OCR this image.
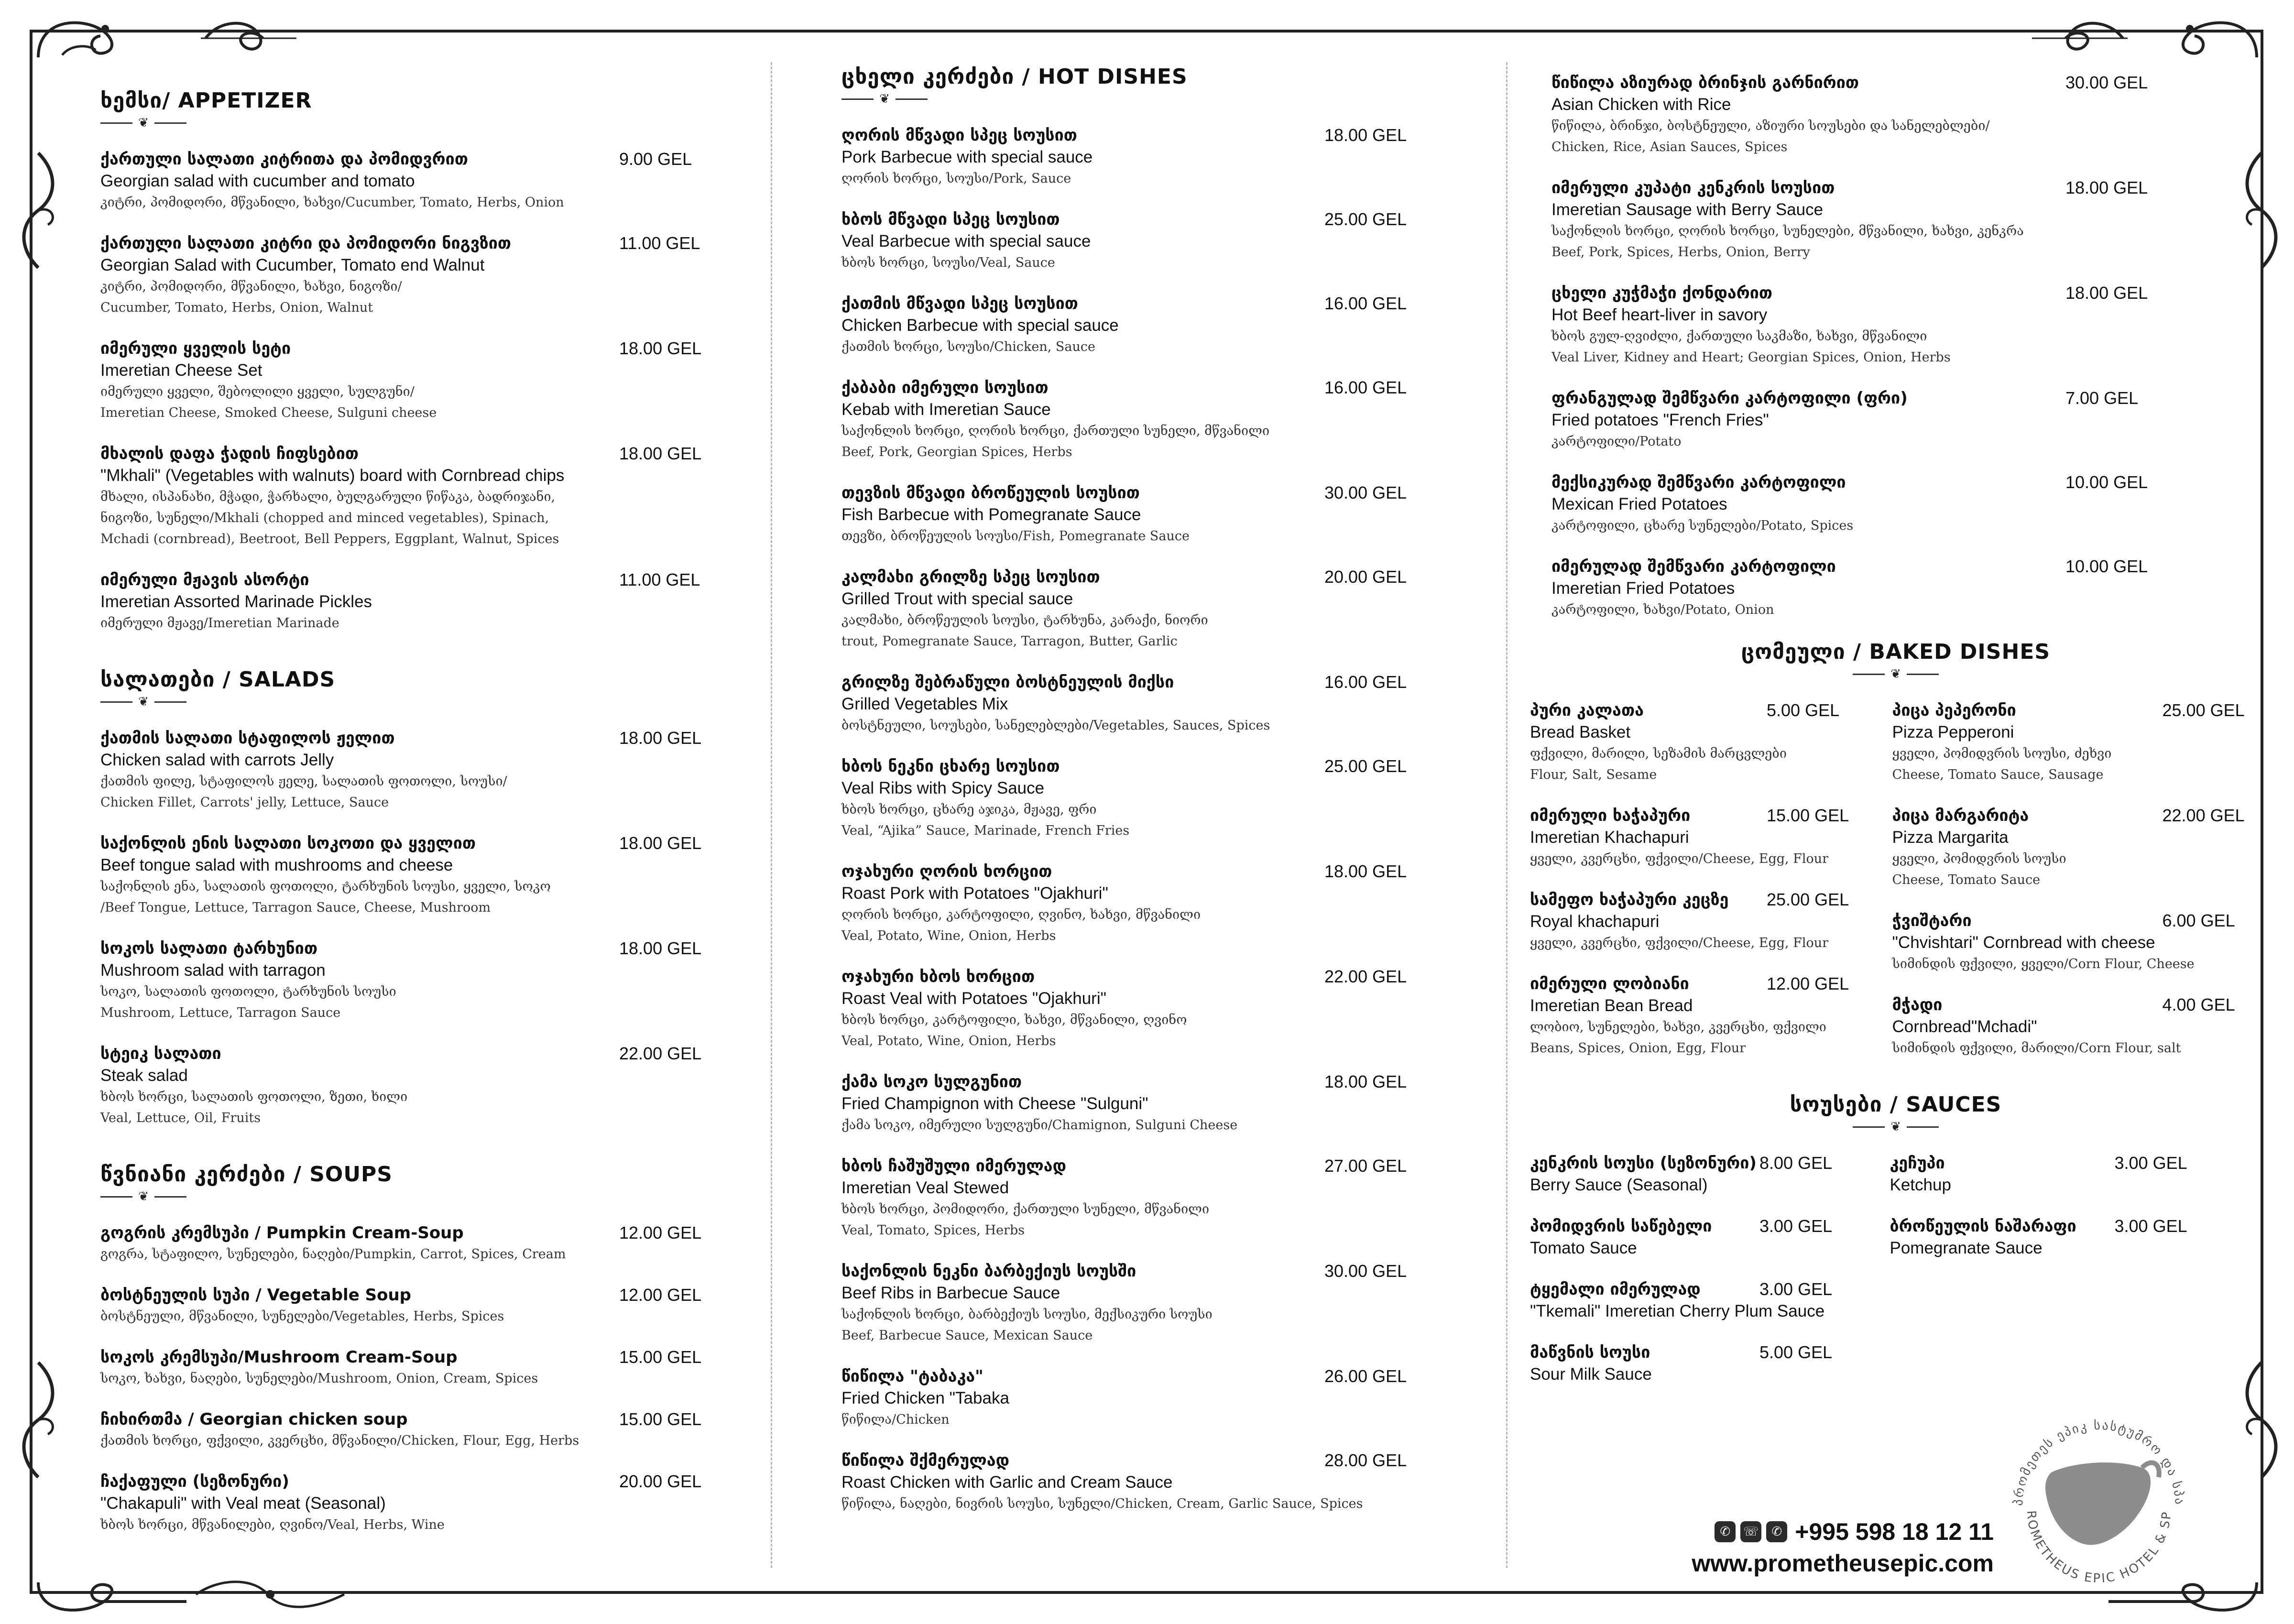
ხემსი/ APPETIZER
❦
ქართული სალათი კიტრითა და პომიდვრით
Georgian salad with cucumber and tomato
კიტრი, პომიდორი, მწვანილი, ხახვი/Cucumber, Tomato, Herbs, Onion
9.00 GEL
ქართული სალათი კიტრი და პომიდორი ნიგვზით
Georgian Salad with Cucumber, Tomato end Walnut
კიტრი, პომიდორი, მწვანილი, ხახვი, ნიგოზი/
Cucumber, Tomato, Herbs, Onion, Walnut
11.00 GEL
იმერული ყველის სეტი
Imeretian Cheese Set
იმერული ყველი, შებოლილი ყველი, სულგუნი/
Imeretian Cheese, Smoked Cheese, Sulguni cheese
18.00 GEL
მხალის დაფა ჭადის ჩიფსებით
"Mkhali" (Vegetables with walnuts) board with Cornbread chips
მხალი, ისპანახი, მჭადი, ჭარხალი, ბულგარული წიწაკა, ბადრიჯანი,
ნიგოზი, სუნელი/Mkhali (chopped and minced vegetables), Spinach,
Mchadi (cornbread), Beetroot, Bell Peppers, Eggplant, Walnut, Spices
18.00 GEL
იმერული მჟავის ასორტი
Imeretian Assorted Marinade Pickles
იმერული მჟავე/Imeretian Marinade
11.00 GEL
სალათები / SALADS
❦
ქათმის სალათი სტაფილოს ჟელით
Chicken salad with carrots Jelly
ქათმის ფილე, სტაფილოს ჟელე, სალათის ფოთოლი, სოუსი/
Chicken Fillet, Carrots' jelly, Lettuce, Sauce
18.00 GEL
საქონლის ენის სალათი სოკოთი და ყველით
Beef tongue salad with mushrooms and cheese
საქონლის ენა, სალათის ფოთოლი, ტარხუნის სოუსი, ყველი, სოკო
/Beef Tongue, Lettuce, Tarragon Sauce, Cheese, Mushroom
18.00 GEL
სოკოს სალათი ტარხუნით
Mushroom salad with tarragon
სოკო, სალათის ფოთოლი, ტარხუნის სოუსი
Mushroom, Lettuce, Tarragon Sauce
18.00 GEL
სტეიკ სალათი
Steak salad
ხბოს ხორცი, სალათის ფოთოლი, ზეთი, ხილი
Veal, Lettuce, Oil, Fruits
22.00 GEL
წვნიანი კერძები / SOUPS
❦
გოგრის კრემსუპი / Pumpkin Cream-Soup
გოგრა, სტაფილო, სუნელები, ნაღები/Pumpkin, Carrot, Spices, Cream
12.00 GEL
ბოსტნეულის სუპი / Vegetable Soup
ბოსტნეული, მწვანილი, სუნელები/Vegetables, Herbs, Spices
12.00 GEL
სოკოს კრემსუპი/Mushroom Cream-Soup
სოკო, ხახვი, ნაღები, სუნელები/Mushroom, Onion, Cream, Spices
15.00 GEL
ჩიხირთმა / Georgian chicken soup
ქათმის ხორცი, ფქვილი, კვერცხი, მწვანილი/Chicken, Flour, Egg, Herbs
15.00 GEL
ჩაქაფული (სეზონური)
"Chakapuli" with Veal meat (Seasonal)
ხბოს ხორცი, მწვანილები, ღვინო/Veal, Herbs, Wine
20.00 GEL
ცხელი კერძები / HOT DISHES
❦
ღორის მწვადი სპეც სოუსით
Pork Barbecue with special sauce
ღორის ხორცი, სოუსი/Pork, Sauce
18.00 GEL
ხბოს მწვადი სპეც სოუსით
Veal Barbecue with special sauce
ხბოს ხორცი, სოუსი/Veal, Sauce
25.00 GEL
ქათმის მწვადი სპეც სოუსით
Chicken Barbecue with special sauce
ქათმის ხორცი, სოუსი/Chicken, Sauce
16.00 GEL
ქაბაბი იმერული სოუსით
Kebab with Imeretian Sauce
საქონლის ხორცი, ღორის ხორცი, ქართული სუნელი, მწვანილი
Beef, Pork, Georgian Spices, Herbs
16.00 GEL
თევზის მწვადი ბროწეულის სოუსით
Fish Barbecue with Pomegranate Sauce
თევზი, ბროწეულის სოუსი/Fish, Pomegranate Sauce
30.00 GEL
კალმახი გრილზე სპეც სოუსით
Grilled Trout with special sauce
კალმახი, ბროწეულის სოუსი, ტარხუნა, კარაქი, ნიორი
trout, Pomegranate Sauce, Tarragon, Butter, Garlic
20.00 GEL
გრილზე შებრაწული ბოსტნეულის მიქსი
Grilled Vegetables Mix
ბოსტნეული, სოუსები, სანელებლები/Vegetables, Sauces, Spices
16.00 GEL
ხბოს ნეკნი ცხარე სოუსით
Veal Ribs with Spicy Sauce
ხბოს ხორცი, ცხარე აჯიკა, მჟავე, ფრი
Veal, “Ajika” Sauce, Marinade, French Fries
25.00 GEL
ოჯახური ღორის ხორცით
Roast Pork with Potatoes "Ojakhuri"
ღორის ხორცი, კარტოფილი, ღვინო, ხახვი, მწვანილი
Veal, Potato, Wine, Onion, Herbs
18.00 GEL
ოჯახური ხბოს ხორცით
Roast Veal with Potatoes "Ojakhuri"
ხბოს ხორცი, კარტოფილი, ხახვი, მწვანილი, ღვინო
Veal, Potato, Wine, Onion, Herbs
22.00 GEL
ქამა სოკო სულგუნით
Fried Champignon with Cheese "Sulguni"
ქამა სოკო, იმერული სულგუნი/Chamignon, Sulguni Cheese
18.00 GEL
ხბოს ჩაშუშული იმერულად
Imeretian Veal Stewed
ხბოს ხორცი, პომიდორი, ქართული სუნელი, მწვანილი
Veal, Tomato, Spices, Herbs
27.00 GEL
საქონლის ნეკნი ბარბექიუს სოუსში
Beef Ribs in Barbecue Sauce
საქონლის ხორცი, ბარბექიუს სოუსი, მექსიკური სოუსი
Beef, Barbecue Sauce, Mexican Sauce
30.00 GEL
წიწილა "ტაბაკა"
Fried Chicken "Tabaka
წიწილა/Chicken
26.00 GEL
წიწილა შქმერულად
Roast Chicken with Garlic and Cream Sauce
წიწილა, ნაღები, ნივრის სოუსი, სუნელი/Chicken, Cream, Garlic Sauce, Spices
28.00 GEL
წიწილა აზიურად ბრინჯის გარნირით
Asian Chicken with Rice
წიწილა, ბრინჯი, ბოსტნეული, აზიური სოუსები და სანელებლები/
Chicken, Rice, Asian Sauces, Spices
30.00 GEL
იმერული კუპატი კენკრის სოუსით
Imeretian Sausage with Berry Sauce
საქონლის ხორცი, ღორის ხორცი, სუნელები, მწვანილი, ხახვი, კენკრა
Beef, Pork, Spices, Herbs, Onion, Berry
18.00 GEL
ცხელი კუჭმაჭი ქონდარით
Hot Beef heart-liver in savory
ხბოს გულ-ღვიძლი, ქართული საკმაზი, ხახვი, მწვანილი
Veal Liver, Kidney and Heart; Georgian Spices, Onion, Herbs
18.00 GEL
ფრანგულად შემწვარი კარტოფილი (ფრი)
Fried potatoes "French Fries"
კარტოფილი/Potato
7.00 GEL
მექსიკურად შემწვარი კარტოფილი
Mexican Fried Potatoes
კარტოფილი, ცხარე სუნელები/Potato, Spices
10.00 GEL
იმერულად შემწვარი კარტოფილი
Imeretian Fried Potatoes
კარტოფილი, ხახვი/Potato, Onion
10.00 GEL
ცომეული / BAKED DISHES
❦
პური კალათა
Bread Basket
ფქვილი, მარილი, სეზამის მარცვლები
Flour, Salt, Sesame
5.00 GEL
იმერული ხაჭაპური
Imeretian Khachapuri
ყველი, კვერცხი, ფქვილი/Cheese, Egg, Flour
15.00 GEL
სამეფო ხაჭაპური კეცზე
Royal khachapuri
ყველი, კვერცხი, ფქვილი/Cheese, Egg, Flour
25.00 GEL
იმერული ლობიანი
Imeretian Bean Bread
ლობიო, სუნელები, ხახვი, კვერცხი, ფქვილი
Beans, Spices, Onion, Egg, Flour
12.00 GEL
პიცა პეპერონი
Pizza Pepperoni
ყველი, პომიდვრის სოუსი, ძეხვი
Cheese, Tomato Sauce, Sausage
25.00 GEL
პიცა მარგარიტა
Pizza Margarita
ყველი, პომიდვრის სოუსი
Cheese, Tomato Sauce
22.00 GEL
ჭვიშტარი
"Chvishtari" Cornbread with cheese
სიმინდის ფქვილი, ყველი/Corn Flour, Cheese
6.00 GEL
მჭადი
Cornbread"Mchadi"
სიმინდის ფქვილი, მარილი/Corn Flour, salt
4.00 GEL
სოუსები / SAUCES
❦
კენკრის სოუსი (სეზონური)
Berry Sauce (Seasonal)
8.00 GEL
პომიდვრის საწებელი
Tomato Sauce
3.00 GEL
ტყემალი იმერულად
"Tkemali" Imeretian Cherry Plum Sauce
3.00 GEL
მაწვნის სოუსი
Sour Milk Sauce
5.00 GEL
კეჩუპი
Ketchup
3.00 GEL
ბროწეულის ნაშარაფი
Pomegranate Sauce
3.00 GEL
✆	☏	✆ +995 598 18 12 11
www.prometheusepic.com
პრომეთეს ეპიკ სასტუმრო და სპა
ROMETHEUS EPIC HOTEL & SP
